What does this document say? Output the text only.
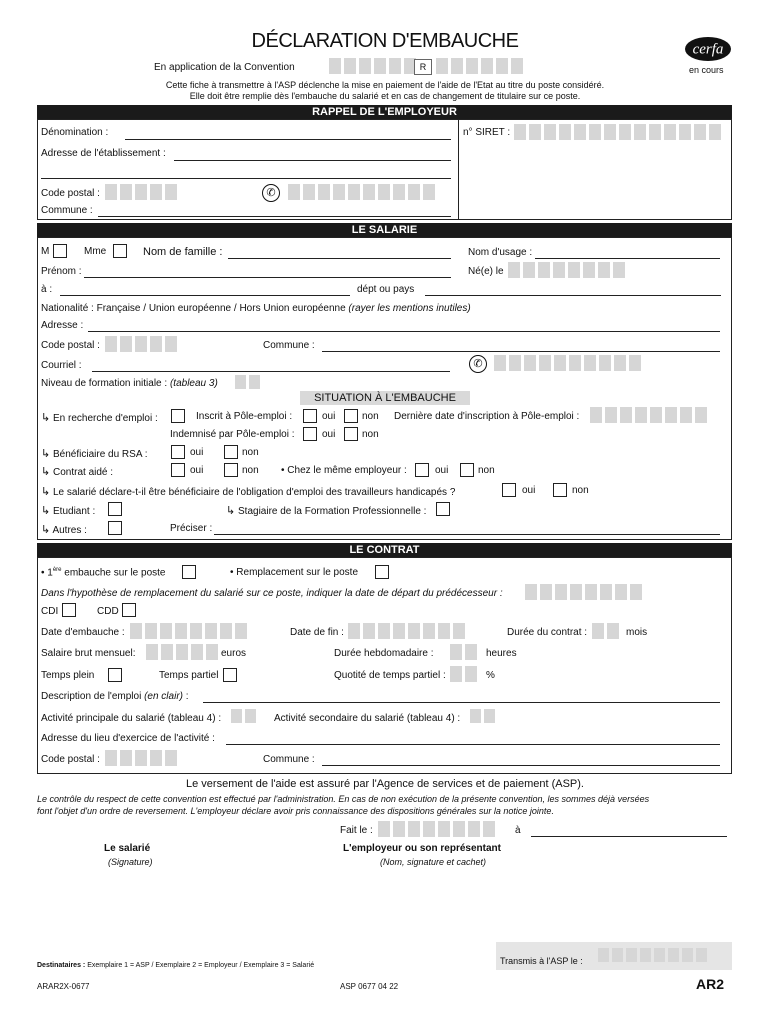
DÉCLARATION D'EMBAUCHE	cerfa
en cours
En application de la Convention	R
Cette fiche à transmettre à l'ASP déclenche la mise en paiement de l'aide de l'Etat au titre du poste considéré.
Elle doit être remplie dès l'embauche du salarié et en cas de changement de titulaire sur ce poste.
RAPPEL DE L'EMPLOYEUR
Dénomination :	n° SIRET :
Adresse de l'établissement :
Code postal :	✆
Commune :
LE SALARIE
M	Mme	Nom de famille :	Nom d'usage :
Prénom :	Né(e) le
à :	dépt ou pays
Nationalité : Française / Union européenne / Hors Union européenne (rayer les mentions inutiles)
Adresse :
Code postal :	Commune :
Courriel :	✆
Niveau de formation initiale : (tableau 3)
SITUATION À L'EMBAUCHE
↳ En recherche d'emploi :	Inscrit à Pôle-emploi :	oui	non Dernière date d'inscription à Pôle-emploi :
Indemnisé par Pôle-emploi :	oui	non
↳ Bénéficiaire du RSA :	oui	non
↳ Contrat aidé :	oui	non • Chez le même employeur :	oui	non
↳ Le salarié déclare-t-il être bénéficiaire de l'obligation d'emploi des travailleurs handicapés ?	oui	non
↳ Etudiant :	↳ Stagiaire de la Formation Professionnelle :
↳ Autres :	Préciser :
LE CONTRAT
• 1ère embauche sur le poste	• Remplacement sur le poste
Dans l'hypothèse de remplacement du salarié sur ce poste, indiquer la date de départ du prédécesseur :
CDI	CDD
Date d'embauche :	Date de fin :	Durée du contrat :	mois
Salaire brut mensuel:	euros	Durée hebdomadaire :	heures
Temps plein	Temps partiel	Quotité de temps partiel :	%
Description de l'emploi (en clair) :
Activité principale du salarié (tableau 4) :	Activité secondaire du salarié (tableau 4) :
Adresse du lieu d'exercice de l'activité :
Code postal :	Commune :
Le versement de l'aide est assuré par l'Agence de services et de paiement (ASP).
Le contrôle du respect de cette convention est effectué par l'administration. En cas de non exécution de la présente convention, les sommes déjà versées
font l'objet d'un ordre de reversement. L'employeur déclare avoir pris connaissance des dispositions générales sur la notice jointe.
Fait le :	à
Le salarié
(Signature)
L'employeur ou son représentant
(Nom, signature et cachet)
Transmis à l'ASP le :
Destinataires : Exemplaire 1 = ASP / Exemplaire 2 = Employeur / Exemplaire 3 = Salarié
ARAR2X-0677	ASP 0677 04 22	AR2
